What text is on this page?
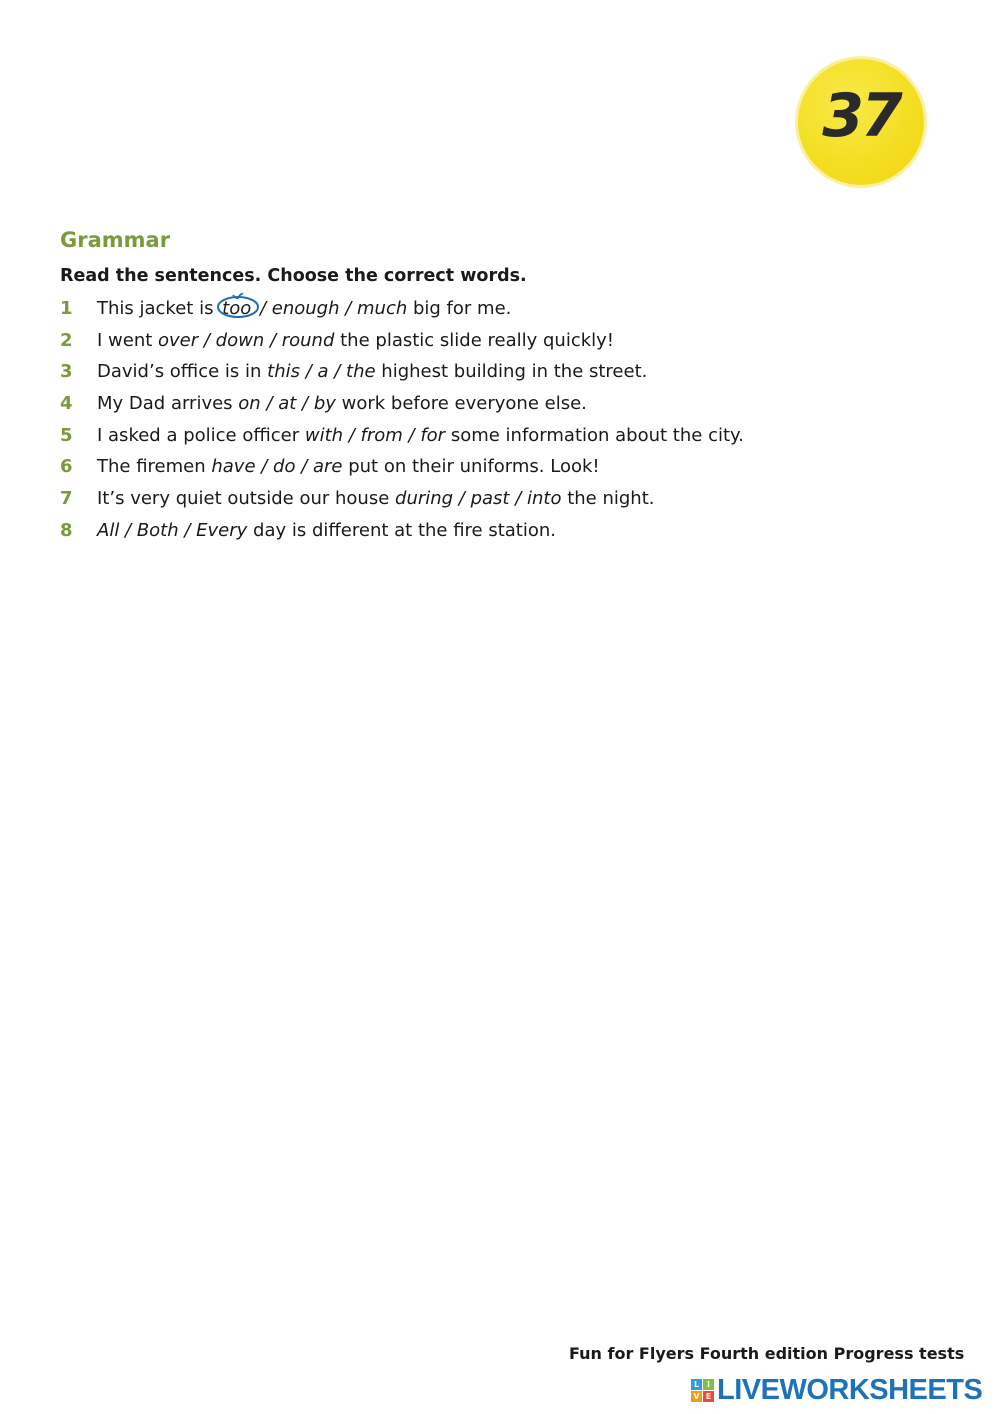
37
Grammar
Read the sentences. Choose the correct words.
1 This jacket is too
/ enough / much big for me.
2 I went over / down / round the plastic slide really quickly!
3 David’s office is in this / a / the highest building in the street.
4 My Dad arrives on / at / by work before everyone else.
5 I asked a police officer with / from / for some information about the city.
6 The firemen have / do / are put on their uniforms. Look!
7 It’s very quiet outside our house during / past / into the night.
8 All / Both / Every day is different at the fire station.
Fun for Flyers Fourth edition Progress tests
L I
V E LIVEWORKSHEETS
